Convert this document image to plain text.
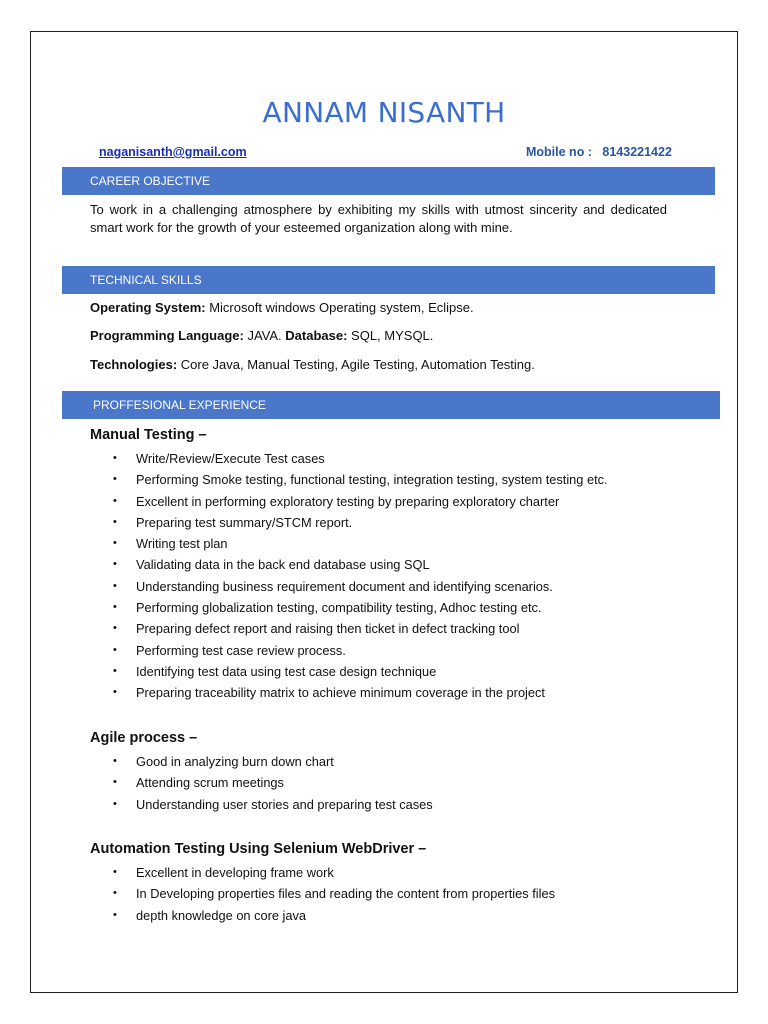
ANNAM NISANTH
naganisanth@gmail.com	Mobile no : 8143221422
CAREER OBJECTIVE
To work in a challenging atmosphere by exhibiting my skills with utmost sincerity and dedicated smart work for the growth of your esteemed organization along with mine.
TECHNICAL SKILLS
Operating System: Microsoft windows Operating system, Eclipse.
Programming Language: JAVA. Database: SQL, MYSQL.
Technologies: Core Java, Manual Testing, Agile Testing, Automation Testing.
PROFFESIONAL EXPERIENCE
Manual Testing –
• Write/Review/Execute Test cases
• Performing Smoke testing, functional testing, integration testing, system testing etc.
• Excellent in performing exploratory testing by preparing exploratory charter
• Preparing test summary/STCM report.
• Writing test plan
• Validating data in the back end database using SQL
• Understanding business requirement document and identifying scenarios.
• Performing globalization testing, compatibility testing, Adhoc testing etc.
• Preparing defect report and raising then ticket in defect tracking tool
• Performing test case review process.
• Identifying test data using test case design technique
• Preparing traceability matrix to achieve minimum coverage in the project
Agile process –
• Good in analyzing burn down chart
• Attending scrum meetings
• Understanding user stories and preparing test cases
Automation Testing Using Selenium WebDriver –
• Excellent in developing frame work
• In Developing properties files and reading the content from properties files
• depth knowledge on core java
